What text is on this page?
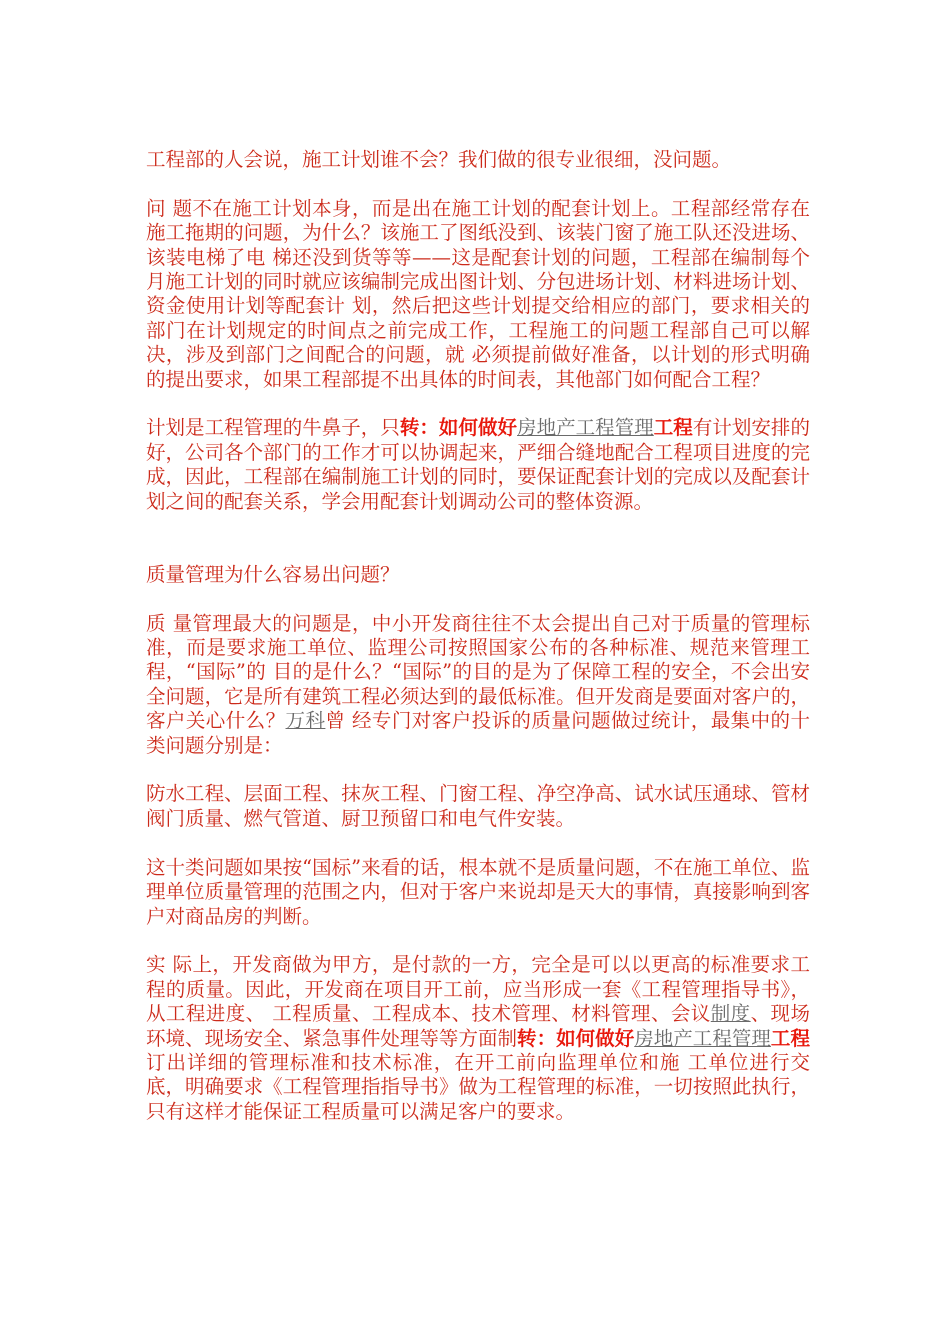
工程部的人会说，施工计划谁不会？我们做的很专业很细，没问题。

问 题不在施工计划本身，而是出在施工计划的配套计划上。工程部经常存在施工拖期的问题，为什么？该施工了图纸没到、该装门窗了施工队还没进场、该装电梯了电 梯还没到货等等——这是配套计划的问题，工程部在编制每个月施工计划的同时就应该编制完成出图计划、分包进场计划、材料进场计划、资金使用计划等配套计 划，然后把这些计划提交给相应的部门，要求相关的部门在计划规定的时间点之前完成工作，工程施工的问题工程部自己可以解决，涉及到部门之间配合的问题，就 必须提前做好准备，以计划的形式明确的提出要求，如果工程部提不出具体的时间表，其他部门如何配合工程？

计划是工程管理的牛鼻子，只转：如何做好房地产工程管理工程有计划安排的好，公司各个部门的工作才可以协调起来，严细合缝地配合工程项目进度的完成，因此，工程部在编制施工计划的同时，要保证配套计划的完成以及配套计划之间的配套关系，学会用配套计划调动公司的整体资源。

质量管理为什么容易出问题？

质 量管理最大的问题是，中小开发商往往不太会提出自己对于质量的管理标准，而是要求施工单位、监理公司按照国家公布的各种标准、规范来管理工程，“国际”的 目的是什么？“国际”的目的是为了保障工程的安全，不会出安全问题，它是所有建筑工程必须达到的最低标准。但开发商是要面对客户的，客户关心什么？万科曾 经专门对客户投诉的质量问题做过统计，最集中的十类问题分别是：

防水工程、层面工程、抹灰工程、门窗工程、净空净高、试水试压通球、管材阀门质量、燃气管道、厨卫预留口和电气件安装。

这十类问题如果按“国标”来看的话，根本就不是质量问题，不在施工单位、监理单位质量管理的范围之内，但对于客户来说却是天大的事情，真接影响到客户对商品房的判断。

实 际上，开发商做为甲方，是付款的一方，完全是可以以更高的标准要求工程的质量。因此，开发商在项目开工前，应当形成一套《工程管理指导书》，从工程进度、 工程质量、工程成本、技术管理、材料管理、会议制度、现场环境、现场安全、紧急事件处理等等方面制转：如何做好房地产工程管理工程订出详细的管理标准和技术标准，在开工前向监理单位和施 工单位进行交底，明确要求《工程管理指指导书》做为工程管理的标准，一切按照此执行，只有这样才能保证工程质量可以满足客户的要求。
